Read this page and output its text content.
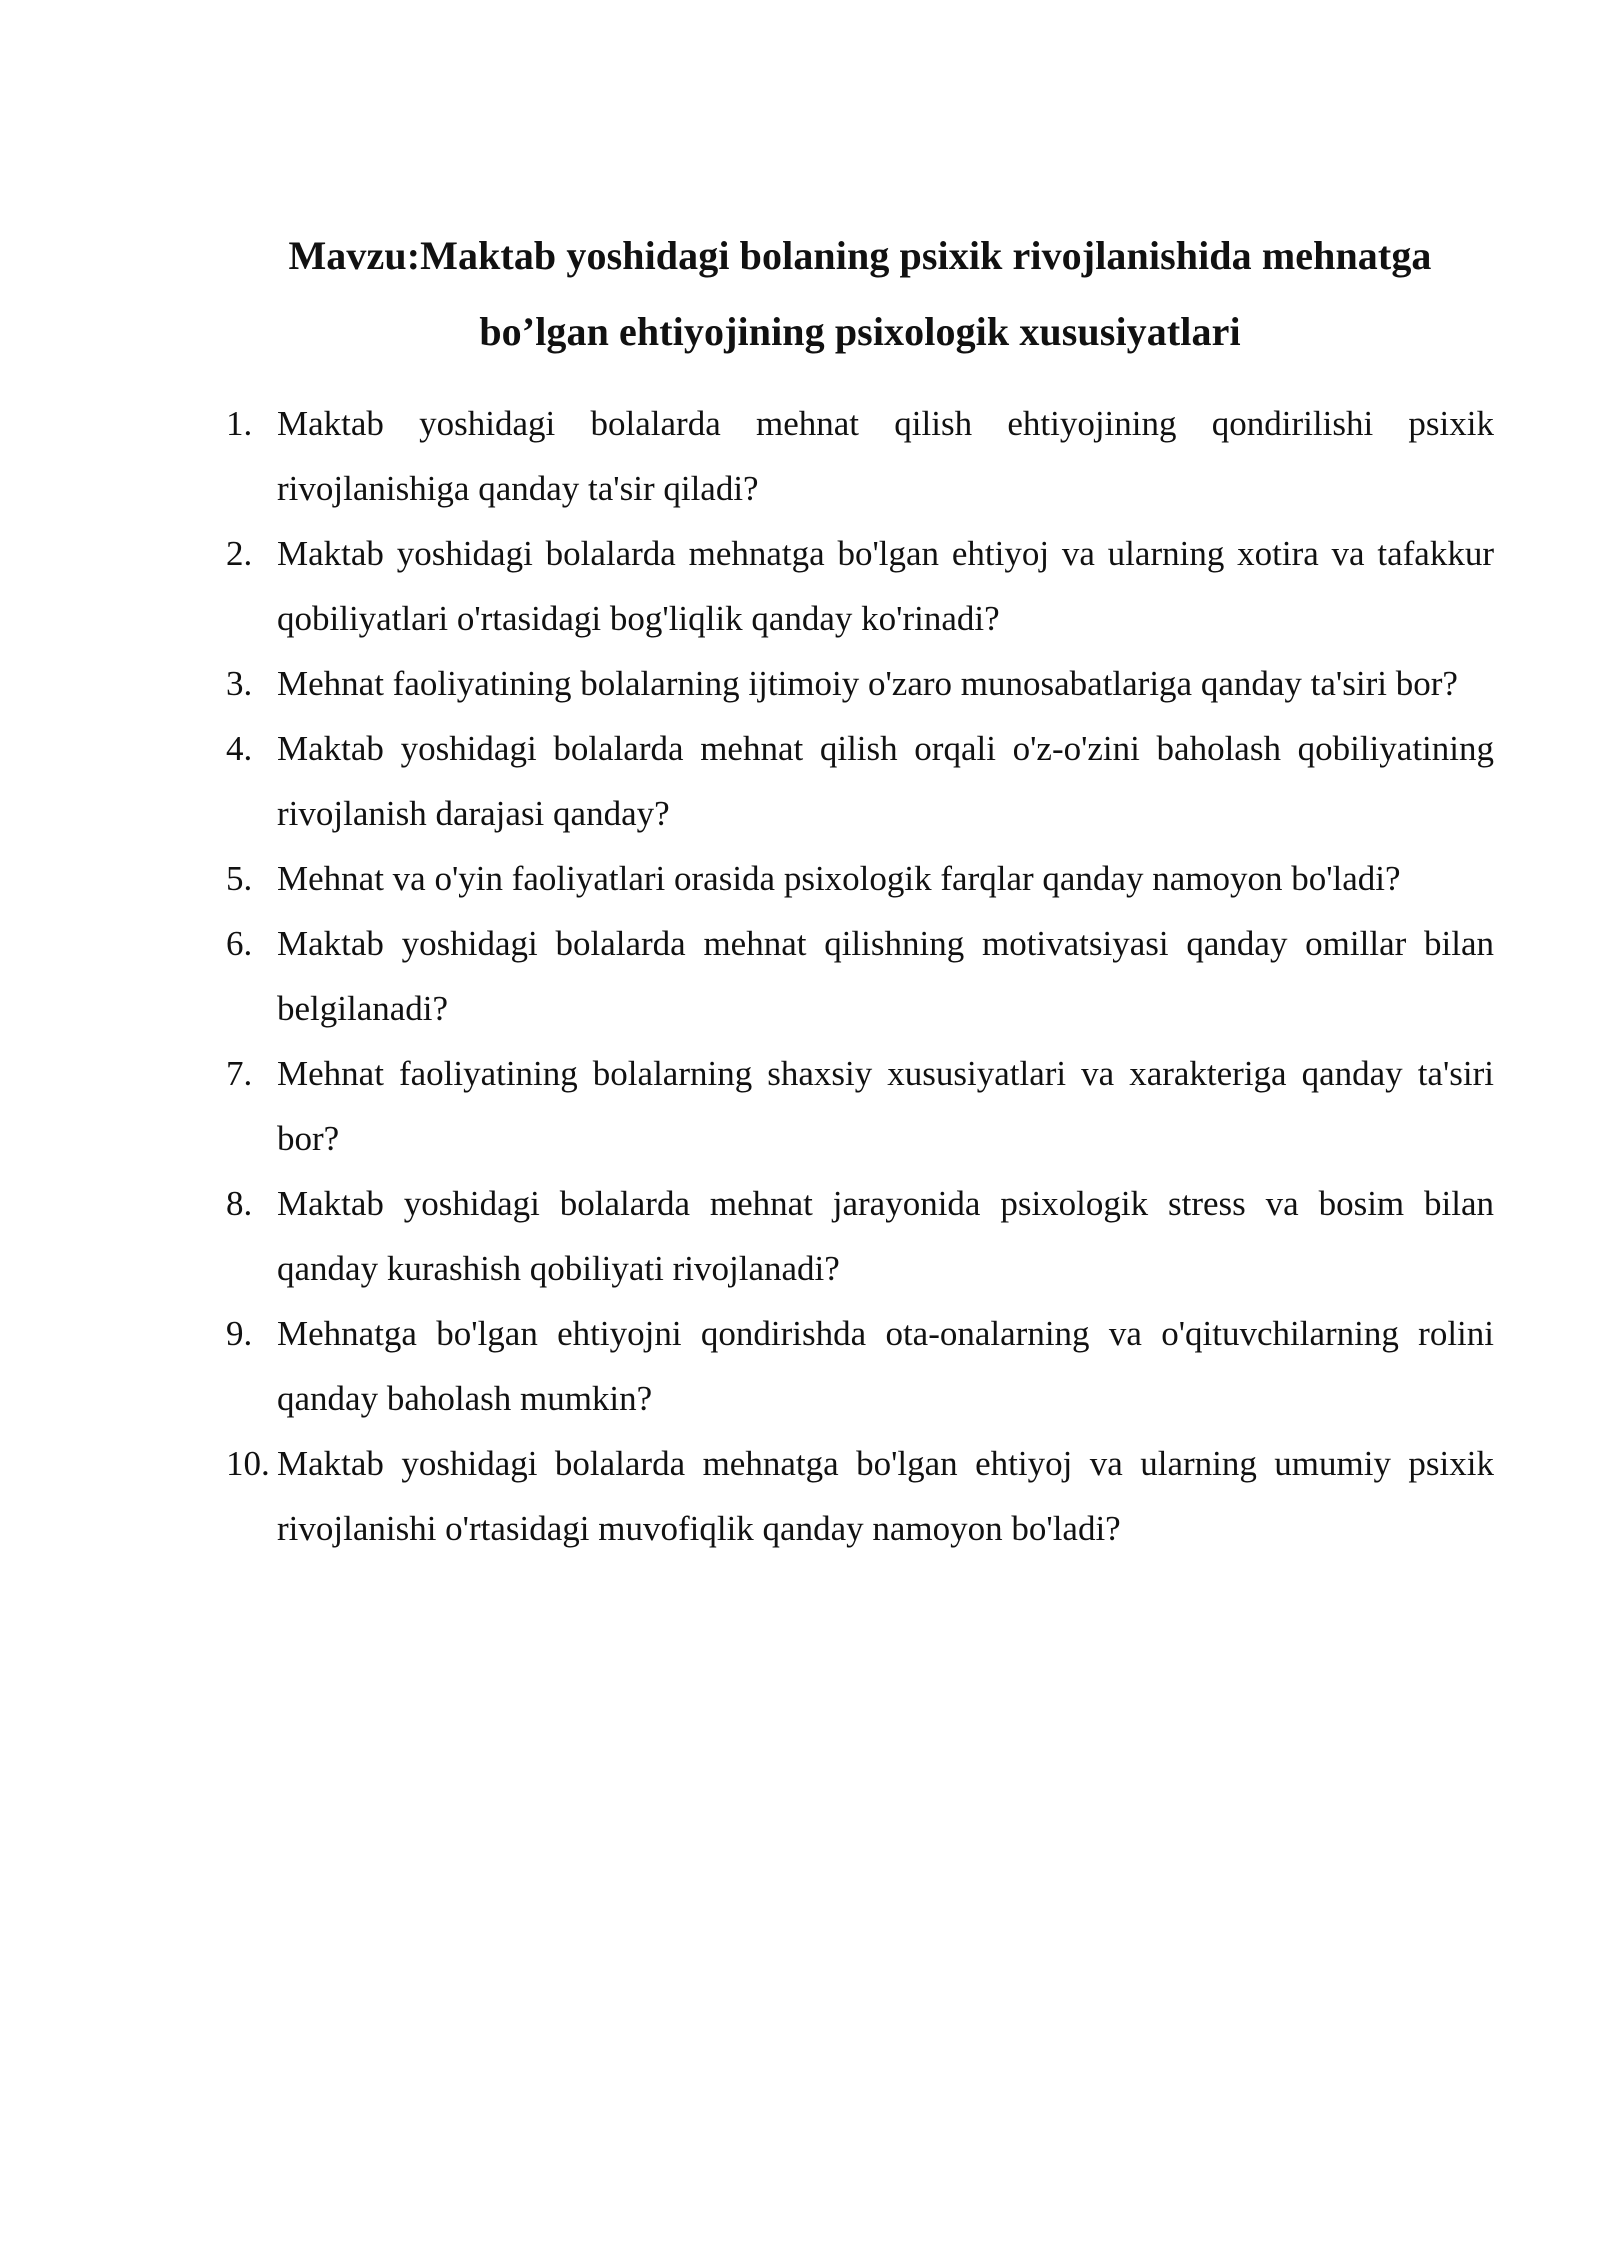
Mavzu:Maktab yoshidagi bolaning psixik rivojlanishida mehnatga
bo’lgan ehtiyojining psixologik xususiyatlari
1. Maktab yoshidagi bolalarda mehnat qilish ehtiyojining qondirilishi psixik rivojlanishiga qanday ta'sir qiladi?
2. Maktab yoshidagi bolalarda mehnatga bo'lgan ehtiyoj va ularning xotira va tafakkur qobiliyatlari o'rtasidagi bog'liqlik qanday ko'rinadi?
3. Mehnat faoliyatining bolalarning ijtimoiy o'zaro munosabatlariga qanday ta'siri bor?
4. Maktab yoshidagi bolalarda mehnat qilish orqali o'z-o'zini baholash qobiliyatining rivojlanish darajasi qanday?
5. Mehnat va o'yin faoliyatlari orasida psixologik farqlar qanday namoyon bo'ladi?
6. Maktab yoshidagi bolalarda mehnat qilishning motivatsiyasi qanday omillar bilan belgilanadi?
7. Mehnat faoliyatining bolalarning shaxsiy xususiyatlari va xarakteriga qanday ta'siri bor?
8. Maktab yoshidagi bolalarda mehnat jarayonida psixologik stress va bosim bilan qanday kurashish qobiliyati rivojlanadi?
9. Mehnatga bo'lgan ehtiyojni qondirishda ota-onalarning va o'qituvchilarning rolini qanday baholash mumkin?
10. Maktab yoshidagi bolalarda mehnatga bo'lgan ehtiyoj va ularning umumiy psixik rivojlanishi o'rtasidagi muvofiqlik qanday namoyon bo'ladi?
